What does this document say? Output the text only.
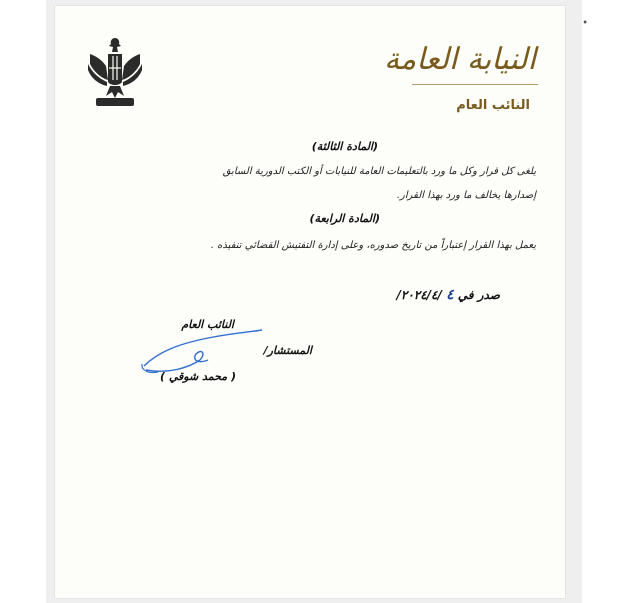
•
النيابة العامة
النائب العام
(المادة الثالثة)
يلغى كل قرار وكل ما ورد بالتعليمات العامة للنيابات أو الكتب الدورية السابق
إصدارها يخالف ما ورد بهذا القرار.
(المادة الرابعة)
يعمل بهذا القرار إعتباراً من تاريخ صدوره، وعلى إدارة التفتيش القضائي تنفيذه .
صدر في ٤ /٢٠٢٤/٤/
النائب العام
المستشار/
( محمد شوقي )
